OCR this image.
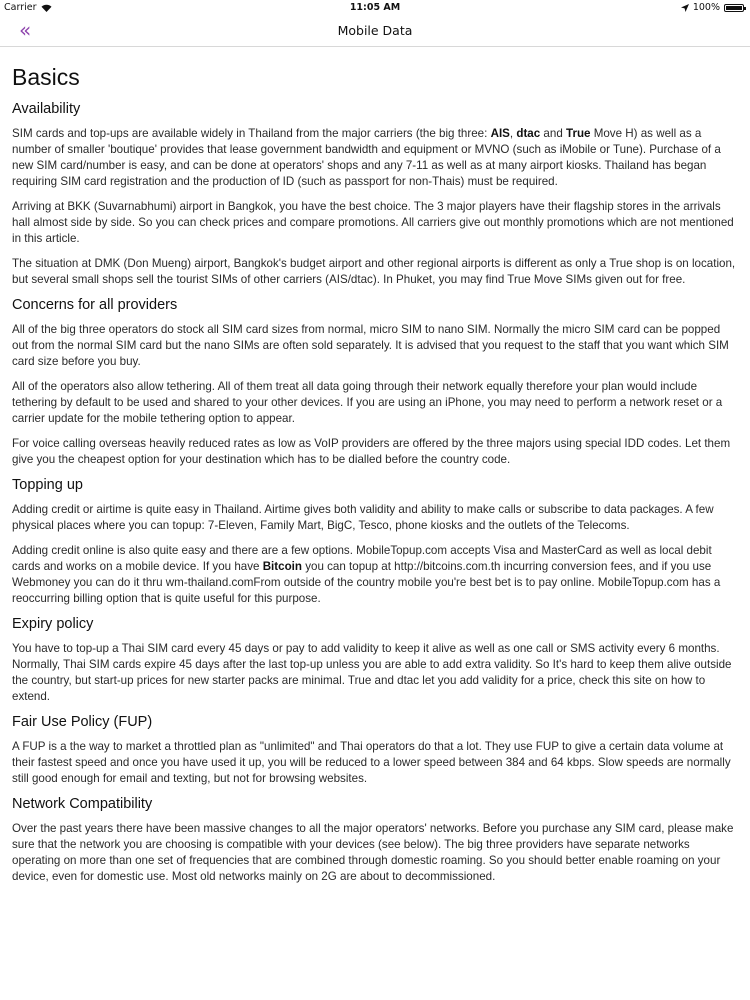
Carrier	11:05 AM	100%
«	Mobile Data
Basics
Availability

SIM cards and top-ups are available widely in Thailand from the major carriers (the big three: AIS, dtac and True Move H) as well as a number of smaller 'boutique' provides that lease government bandwidth and equipment or MVNO (such as iMobile or Tune). Purchase of a new SIM card/number is easy, and can be done at operators' shops and any 7-11 as well as at many airport kiosks. Thailand has began requiring SIM card registration and the production of ID (such as passport for non-Thais) must be required.

Arriving at BKK (Suvarnabhumi) airport in Bangkok, you have the best choice. The 3 major players have their flagship stores in the arrivals hall almost side by side. So you can check prices and compare promotions. All carriers give out monthly promotions which are not mentioned in this article.

The situation at DMK (Don Mueng) airport, Bangkok's budget airport and other regional airports is different as only a True shop is on location, but several small shops sell the tourist SIMs of other carriers (AIS/dtac). In Phuket, you may find True Move SIMs given out for free.

Concerns for all providers

All of the big three operators do stock all SIM card sizes from normal, micro SIM to nano SIM. Normally the micro SIM card can be popped out from the normal SIM card but the nano SIMs are often sold separately. It is advised that you request to the staff that you want which SIM card size before you buy.

All of the operators also allow tethering. All of them treat all data going through their network equally therefore your plan would include tethering by default to be used and shared to your other devices. If you are using an iPhone, you may need to perform a network reset or a carrier update for the mobile tethering option to appear.

For voice calling overseas heavily reduced rates as low as VoIP providers are offered by the three majors using special IDD codes. Let them give you the cheapest option for your destination which has to be dialled before the country code.

Topping up

Adding credit or airtime is quite easy in Thailand. Airtime gives both validity and ability to make calls or subscribe to data packages. A few physical places where you can topup: 7-Eleven, Family Mart, BigC, Tesco, phone kiosks and the outlets of the Telecoms.

Adding credit online is also quite easy and there are a few options. MobileTopup.com accepts Visa and MasterCard as well as local debit cards and works on a mobile device. If you have Bitcoin you can topup at http://bitcoins.com.th incurring conversion fees, and if you use Webmoney you can do it thru wm-thailand.comFrom outside of the country mobile you're best bet is to pay online. MobileTopup.com has a reoccurring billing option that is quite useful for this purpose.

Expiry policy

You have to top-up a Thai SIM card every 45 days or pay to add validity to keep it alive as well as one call or SMS activity every 6 months. Normally, Thai SIM cards expire 45 days after the last top-up unless you are able to add extra validity. So It's hard to keep them alive outside the country, but start-up prices for new starter packs are minimal. True and dtac let you add validity for a price, check this site on how to extend.

Fair Use Policy (FUP)

A FUP is a the way to market a throttled plan as "unlimited" and Thai operators do that a lot. They use FUP to give a certain data volume at their fastest speed and once you have used it up, you will be reduced to a lower speed between 384 and 64 kbps. Slow speeds are normally still good enough for email and texting, but not for browsing websites.

Network Compatibility

Over the past years there have been massive changes to all the major operators' networks. Before you purchase any SIM card, please make sure that the network you are choosing is compatible with your devices (see below). The big three providers have separate networks operating on more than one set of frequencies that are combined through domestic roaming. So you should better enable roaming on your device, even for domestic use. Most old networks mainly on 2G are about to decommissioned.
